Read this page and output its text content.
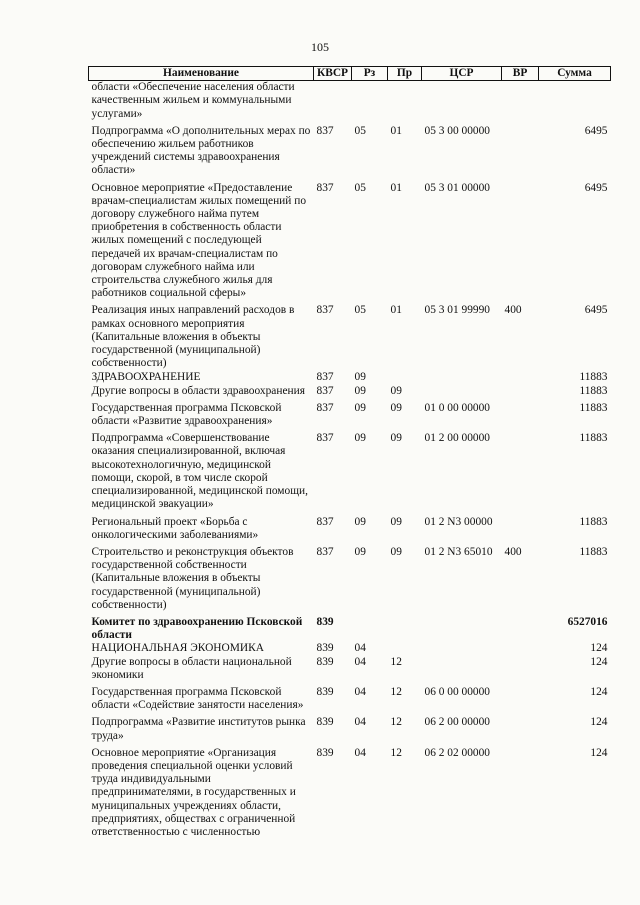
105
Наименование	КВСР	Рз	Пр	ЦСР	ВР	Сумма
области «Обеспечение населения области качественным жильем и коммунальными услугами»						
Подпрограмма «О дополнительных мерах по обеспечению жильем работников учреждений системы здравоохранения области»	837	05	01	05 3 00 00000		6495
Основное мероприятие «Предоставление врачам-специалистам жилых помещений по договору служебного найма путем приобретения в собственность области жилых помещений с последующей передачей их врачам-специалистам по договорам служебного найма или строительства служебного жилья для работников социальной сферы»	837	05	01	05 3 01 00000		6495
Реализация иных направлений расходов в рамках основного мероприятия (Капитальные вложения в объекты государственной (муниципальной) собственности)	837	05	01	05 3 01 99990	400	6495
ЗДРАВООХРАНЕНИЕ	837	09				11883
Другие вопросы в области здравоохранения	837	09	09			11883
Государственная программа Псковской области «Развитие здравоохранения»	837	09	09	01 0 00 00000		11883
Подпрограмма «Совершенствование оказания специализированной, включая высокотехнологичную, медицинской помощи, скорой, в том числе скорой специализированной, медицинской помощи, медицинской эвакуации»	837	09	09	01 2 00 00000		11883
Региональный проект «Борьба с онкологическими заболеваниями»	837	09	09	01 2 N3 00000		11883
Строительство и реконструкция объектов государственной собственности (Капитальные вложения в объекты государственной (муниципальной) собственности)	837	09	09	01 2 N3 65010	400	11883
Комитет по здравоохранению Псковской области	839					6527016
НАЦИОНАЛЬНАЯ ЭКОНОМИКА	839	04				124
Другие вопросы в области национальной экономики	839	04	12			124
Государственная программа Псковской области «Содействие занятости населения»	839	04	12	06 0 00 00000		124
Подпрограмма «Развитие институтов рынка труда»	839	04	12	06 2 00 00000		124
Основное мероприятие «Организация проведения специальной оценки условий труда индивидуальными предпринимателями, в государственных и муниципальных учреждениях области, предприятиях, обществах с ограниченной ответственностью с численностью	839	04	12	06 2 02 00000		124
